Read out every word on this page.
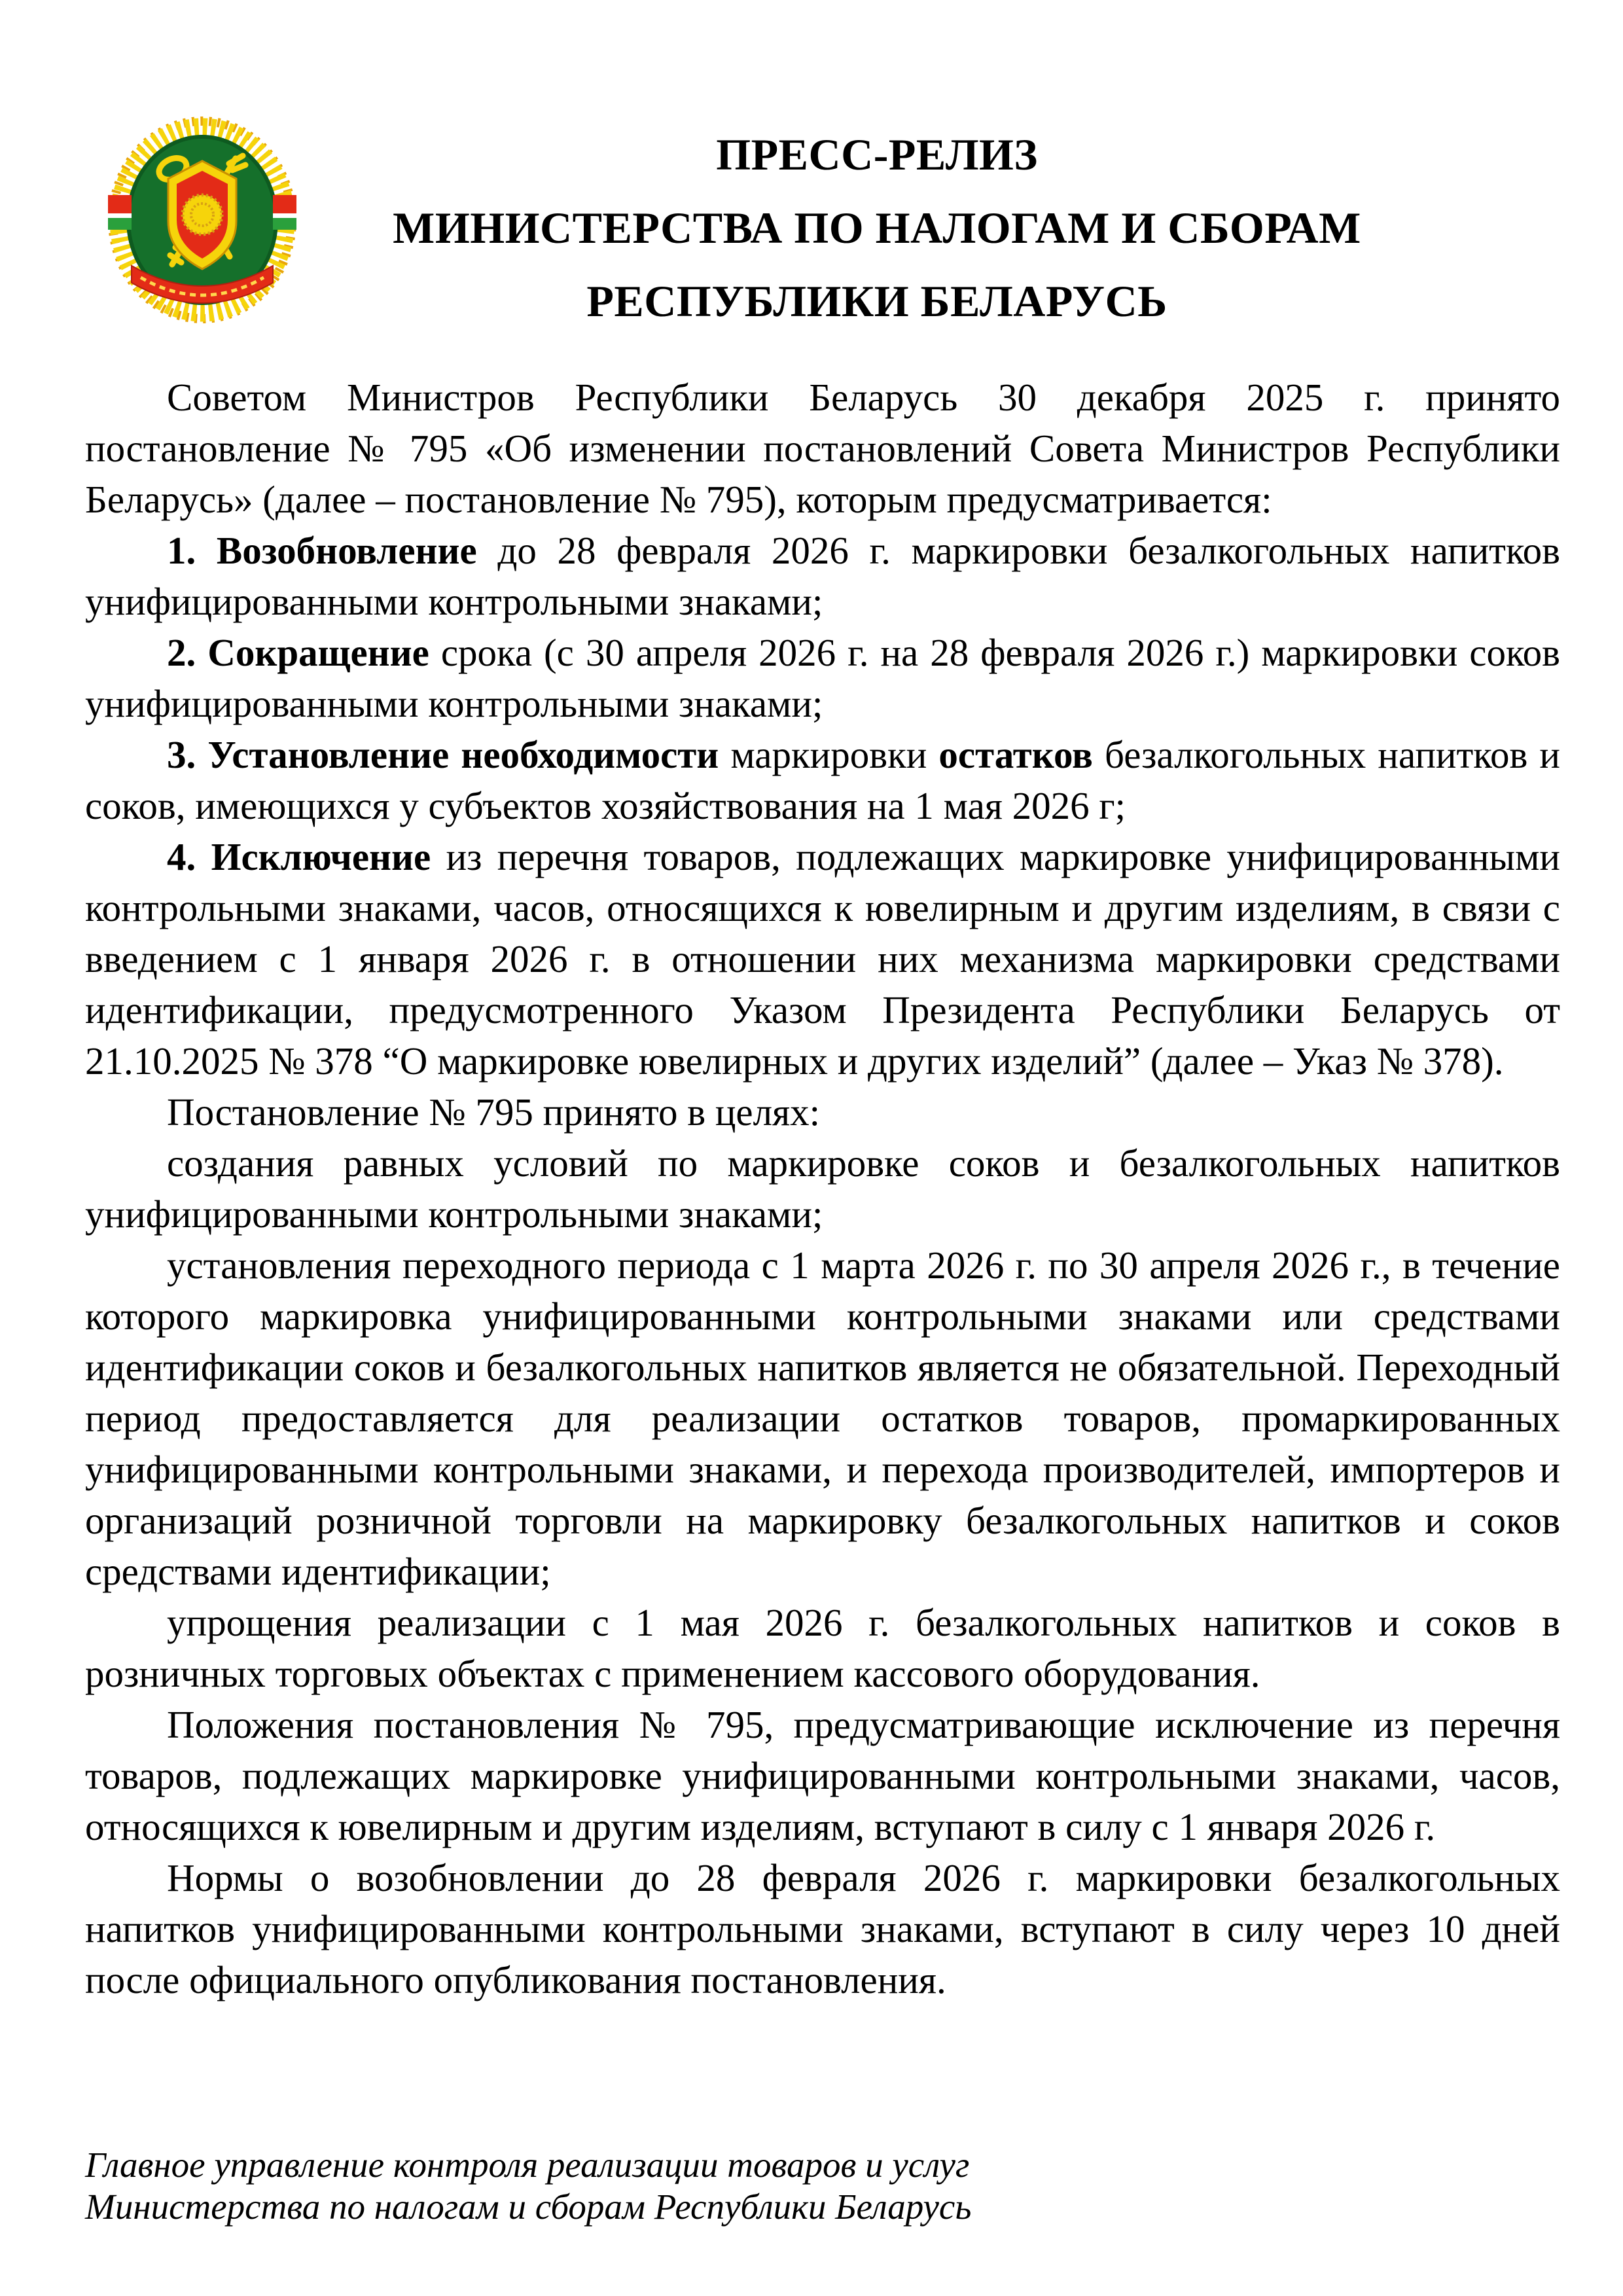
ПРЕСС-РЕЛИЗ
МИНИСТЕРСТВА ПО НАЛОГАМ И СБОРАМ
РЕСПУБЛИКИ БЕЛАРУСЬ

Советом Министров Республики Беларусь 30 декабря 2025 г. принято постановление № 795 «Об изменении постановлений Совета Министров Республики Беларусь» (далее – постановление № 795), которым предусматривается:

1. Возобновление до 28 февраля 2026 г. маркировки безалкогольных напитков унифицированными контрольными знаками;

2. Сокращение срока (с 30 апреля 2026 г. на 28 февраля 2026 г.) маркировки соков унифицированными контрольными знаками;

3. Установление необходимости маркировки остатков безалкогольных напитков и соков, имеющихся у субъектов хозяйствования на 1 мая 2026 г;

4. Исключение из перечня товаров, подлежащих маркировке унифицированными контрольными знаками, часов, относящихся к ювелирным и другим изделиям, в связи с введением с 1 января 2026 г. в отношении них механизма маркировки средствами идентификации, предусмотренного Указом Президента Республики Беларусь от 21.10.2025 № 378 “О маркировке ювелирных и других изделий” (далее – Указ № 378).

Постановление № 795 принято в целях:

создания равных условий по маркировке соков и безалкогольных напитков унифицированными контрольными знаками;

установления переходного периода с 1 марта 2026 г. по 30 апреля 2026 г., в течение которого маркировка унифицированными контрольными знаками или средствами идентификации соков и безалкогольных напитков является не обязательной. Переходный период предоставляется для реализации остатков товаров, промаркированных унифицированными контрольными знаками, и перехода производителей, импортеров и организаций розничной торговли на маркировку безалкогольных напитков и соков средствами идентификации;

упрощения реализации с 1 мая 2026 г. безалкогольных напитков и соков в розничных торговых объектах с применением кассового оборудования.

Положения постановления № 795, предусматривающие исключение из перечня товаров, подлежащих маркировке унифицированными контрольными знаками, часов, относящихся к ювелирным и другим изделиям, вступают в силу с 1 января 2026 г.

Нормы о возобновлении до 28 февраля 2026 г. маркировки безалкогольных напитков унифицированными контрольными знаками, вступают в силу через 10 дней после официального опубликования постановления.

Главное управление контроля реализации товаров и услуг
Министерства по налогам и сборам Республики Беларусь
